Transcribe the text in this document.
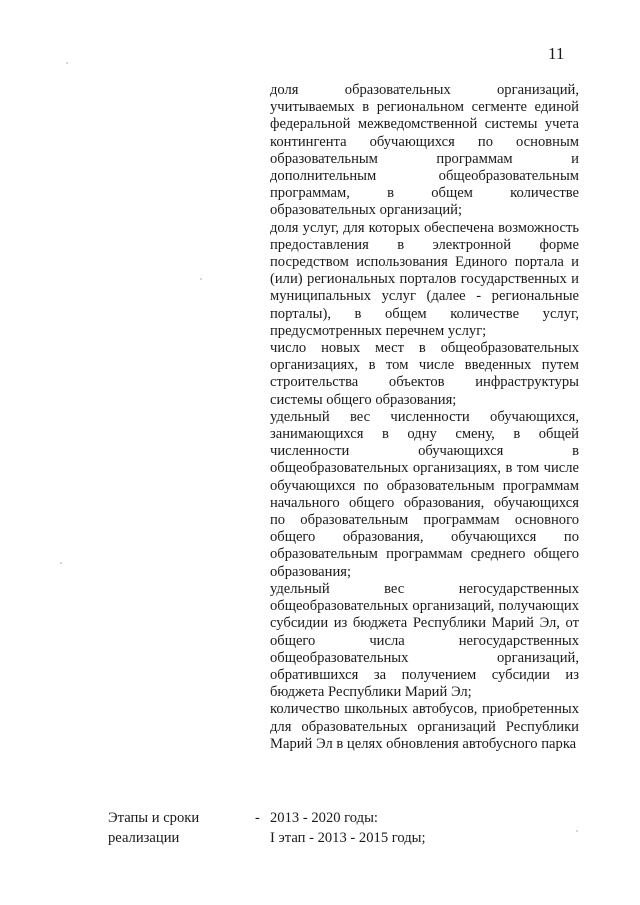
11

доля образовательных организаций, учитываемых в региональном сегменте единой федеральной межведомственной системы учета контингента обучающихся по основным образовательным программам и дополнительным общеобразовательным программам, в общем количестве образовательных организаций;

доля услуг, для которых обеспечена возможность предоставления в электронной форме посредством использования Единого портала и (или) региональных порталов государственных и муниципальных услуг (далее - региональные порталы), в общем количестве услуг, предусмотренных перечнем услуг;

число новых мест в общеобразовательных организациях, в том числе введенных путем строительства объектов инфраструктуры системы общего образования;

удельный вес численности обучающихся, занимающихся в одну смену, в общей численности обучающихся в общеобразовательных организациях, в том числе обучающихся по образовательным программам начального общего образования, обучающихся по образовательным программам основного общего образования, обучающихся по образовательным программам среднего общего образования;

удельный вес негосударственных общеобразовательных организаций, получающих субсидии из бюджета Республики Марий Эл, от общего числа негосударственных общеобразовательных организаций, обратившихся за получением субсидии из бюджета Республики Марий Эл;

количество школьных автобусов, приобретенных для образовательных организаций Республики Марий Эл в целях обновления автобусного парка

Этапы и сроки
реализации
- 2013 - 2020 годы:
I этап - 2013 - 2015 годы;
